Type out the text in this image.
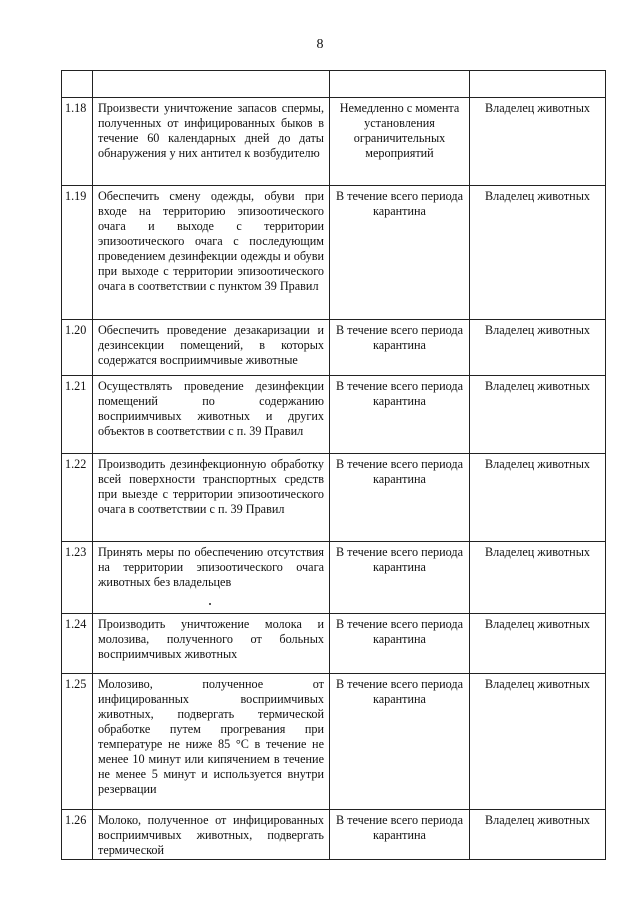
8

1.18	Произвести уничтожение запасов спермы, полученных от инфицированных быков в течение 60 календарных дней до даты обнаружения у них антител к возбудителю	Немедленно с момента установления ограничительных мероприятий	Владелец животных
1.19	Обеспечить смену одежды, обуви при входе на территорию эпизоотического очага и выходе с территории эпизоотического очага с последующим проведением дезинфекции одежды и обуви при выходе с территории эпизоотического очага в соответствии с пунктом 39 Правил	В течение всего периода карантина	Владелец животных
1.20	Обеспечить проведение дезакаризации и дезинсекции помещений, в которых содержатся восприимчивые животные	В течение всего периода карантина	Владелец животных
1.21	Осуществлять проведение дезинфекции помещений по содержанию восприимчивых животных и других объектов в соответствии с п. 39 Правил	В течение всего периода карантина	Владелец животных
1.22	Производить дезинфекционную обработку всей поверхности транспортных средств при выезде с территории эпизоотического очага в соответствии с п. 39 Правил	В течение всего периода карантина	Владелец животных
1.23	Принять меры по обеспечению отсутствия на территории эпизоотического очага животных без владельцев	В течение всего периода карантина	Владелец животных
1.24	Производить уничтожение молока и молозива, полученного от больных восприимчивых животных	В течение всего периода карантина	Владелец животных
1.25	Молозиво, полученное от инфицированных восприимчивых животных, подвергать термической обработке путем прогревания при температуре не ниже 85 °С в течение не менее 10 минут или кипячением в течение не менее 5 минут и используется внутри резервации	В течение всего периода карантина	Владелец животных
1.26	Молоко, полученное от инфицированных восприимчивых животных, подвергать термической	В течение всего периода карантина	Владелец животных
